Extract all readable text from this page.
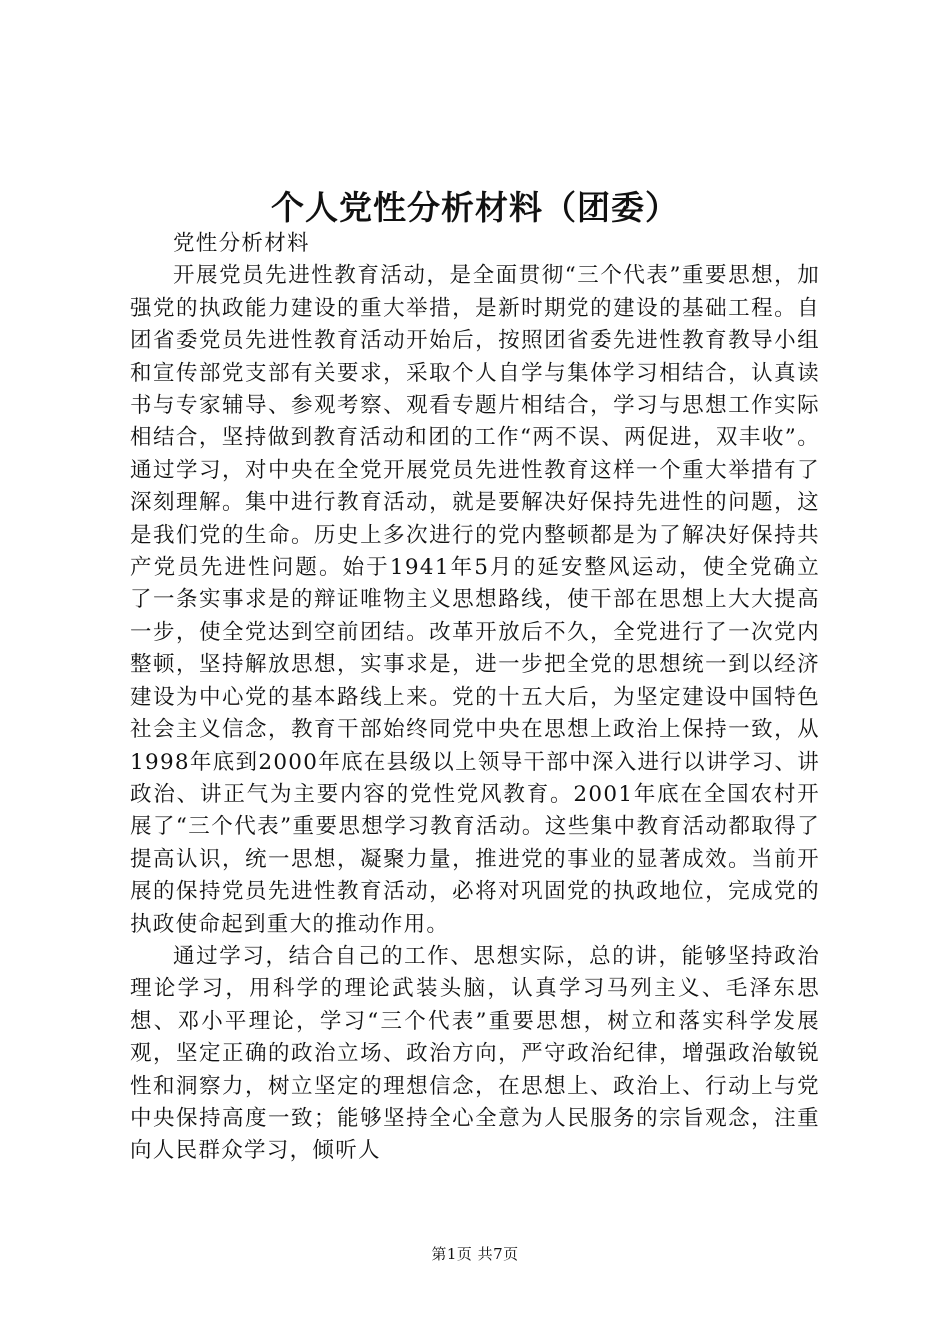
个人党性分析材料（团委）

党性分析材料

开展党员先进性教育活动，是全面贯彻“三个代表”重要思想，加强党的执政能力建设的重大举措，是新时期党的建设的基础工程。自团省委党员先进性教育活动开始后，按照团省委先进性教育教导小组和宣传部党支部有关要求，采取个人自学与集体学习相结合，认真读书与专家辅导、参观考察、观看专题片相结合，学习与思想工作实际相结合，坚持做到教育活动和团的工作“两不误、两促进，双丰收”。通过学习，对中央在全党开展党员先进性教育这样一个重大举措有了深刻理解。集中进行教育活动，就是要解决好保持先进性的问题，这是我们党的生命。历史上多次进行的党内整顿都是为了解决好保持共产党员先进性问题。始于1941年5月的延安整风运动，使全党确立了一条实事求是的辩证唯物主义思想路线，使干部在思想上大大提高一步，使全党达到空前团结。改革开放后不久，全党进行了一次党内整顿，坚持解放思想，实事求是，进一步把全党的思想统一到以经济建设为中心党的基本路线上来。党的十五大后，为坚定建设中国特色社会主义信念，教育干部始终同党中央在思想上政治上保持一致，从1998年底到2000年底在县级以上领导干部中深入进行以讲学习、讲政治、讲正气为主要内容的党性党风教育。2001年底在全国农村开展了“三个代表”重要思想学习教育活动。这些集中教育活动都取得了提高认识，统一思想，凝聚力量，推进党的事业的显著成效。当前开展的保持党员先进性教育活动，必将对巩固党的执政地位，完成党的执政使命起到重大的推动作用。

通过学习，结合自己的工作、思想实际，总的讲，能够坚持政治理论学习，用科学的理论武装头脑，认真学习马列主义、毛泽东思想、邓小平理论，学习“三个代表”重要思想，树立和落实科学发展观，坚定正确的政治立场、政治方向，严守政治纪律，增强政治敏锐性和洞察力，树立坚定的理想信念，在思想上、政治上、行动上与党中央保持高度一致；能够坚持全心全意为人民服务的宗旨观念，注重向人民群众学习，倾听人

第1页 共7页
